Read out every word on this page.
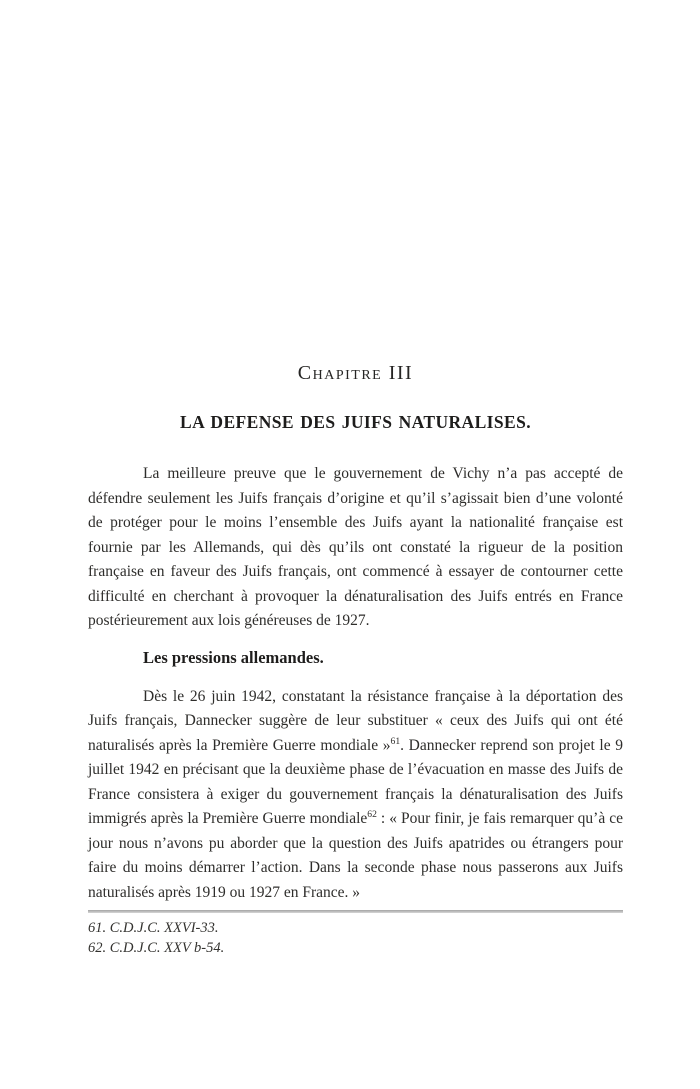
Chapitre III
LA DEFENSE DES JUIFS NATURALISES.

La meilleure preuve que le gouvernement de Vichy n’a pas accepté de défendre seulement les Juifs français d’origine et qu’il s’agissait bien d’une volonté de protéger pour le moins l’ensemble des Juifs ayant la nationalité française est fournie par les Allemands, qui dès qu’ils ont constaté la rigueur de la position française en faveur des Juifs français, ont commencé à essayer de contourner cette difficulté en cherchant à provoquer la dénaturalisation des Juifs entrés en France postérieurement aux lois généreuses de 1927.

Les pressions allemandes.

Dès le 26 juin 1942, constatant la résistance française à la déportation des Juifs français, Dannecker suggère de leur substituer « ceux des Juifs qui ont été naturalisés après la Première Guerre mondiale »$^{61}$. Dannecker reprend son projet le 9 juillet 1942 en précisant que la deuxième phase de l’évacuation en masse des Juifs de France consistera à exiger du gouvernement français la dénaturalisation des Juifs immigrés après la Première Guerre mondiale$^{62}$ : « Pour finir, je fais remarquer qu’à ce jour nous n’avons pu aborder que la question des Juifs apatrides ou étrangers pour faire du moins démarrer l’action. Dans la seconde phase nous passerons aux Juifs naturalisés après 1919 ou 1927 en France. »

61. C.D.J.C. XXVI-33.
62. C.D.J.C. XXV b-54.
